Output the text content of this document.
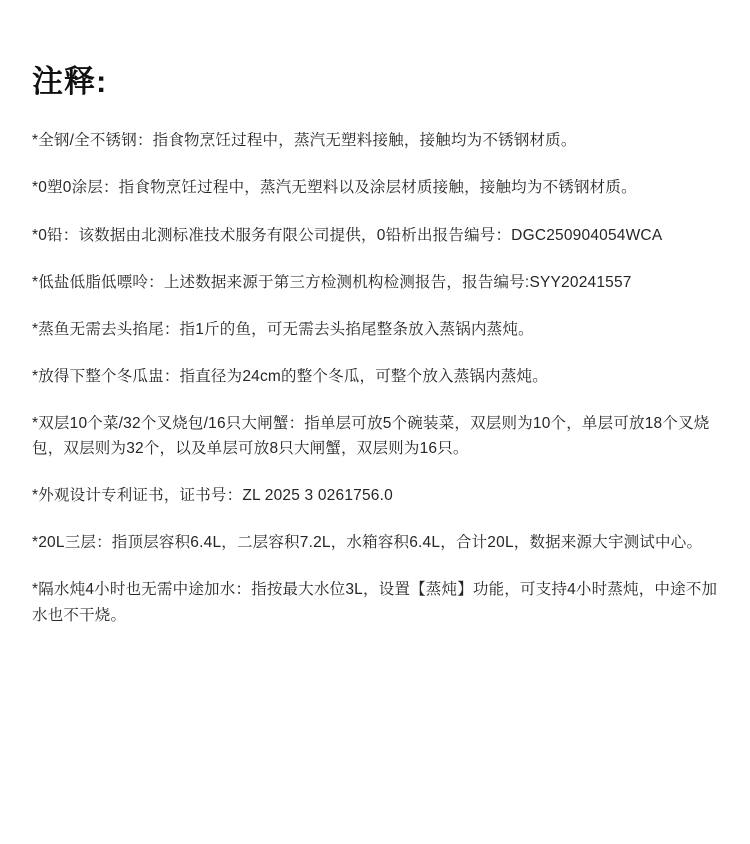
注释:

*全钢/全不锈钢：指食物烹饪过程中，蒸汽无塑料接触，接触均为不锈钢材质。

*0塑0涂层：指食物烹饪过程中，蒸汽无塑料以及涂层材质接触，接触均为不锈钢材质。

*0铅：该数据由北测标准技术服务有限公司提供，0铅析出报告编号：DGC250904054WCA

*低盐低脂低嘌呤：上述数据来源于第三方检测机构检测报告，报告编号:SYY20241557

*蒸鱼无需去头掐尾：指1斤的鱼，可无需去头掐尾整条放入蒸锅内蒸炖。

*放得下整个冬瓜盅：指直径为24cm的整个冬瓜，可整个放入蒸锅内蒸炖。

*双层10个菜/32个叉烧包/16只大闸蟹：指单层可放5个碗装菜，双层则为10个，单层可放18个叉烧包，双层则为32个，以及单层可放8只大闸蟹，双层则为16只。

*外观设计专利证书，证书号：ZL 2025 3 0261756.0

*20L三层：指顶层容积6.4L，二层容积7.2L，水箱容积6.4L，合计20L，数据来源大宇测试中心。

*隔水炖4小时也无需中途加水：指按最大水位3L，设置【蒸炖】功能，可支持4小时蒸炖，中途不加水也不干烧。
